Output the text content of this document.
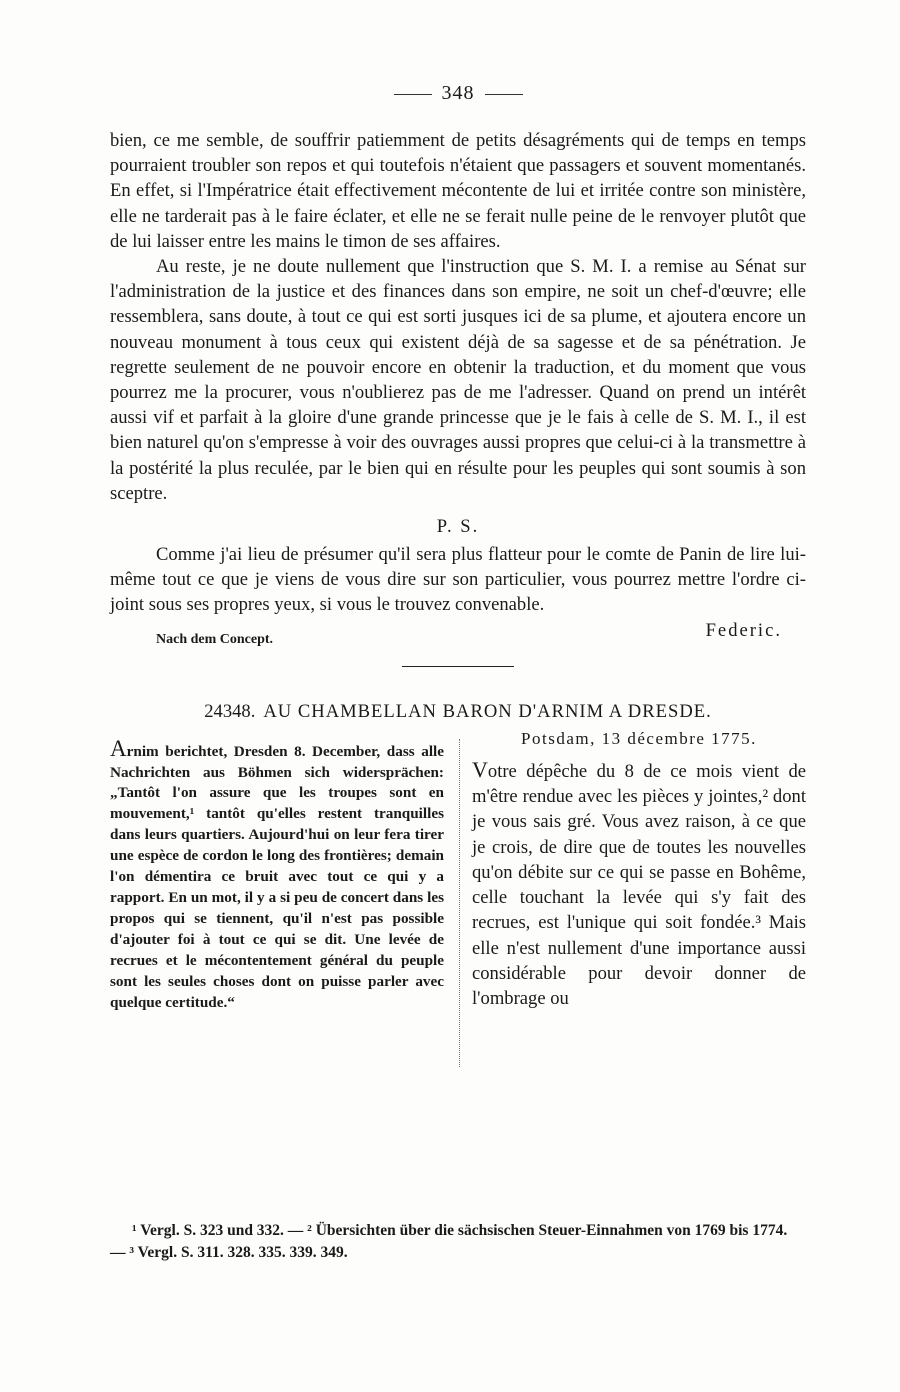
348

bien, ce me semble, de souffrir patiemment de petits désagréments qui de temps en temps pourraient troubler son repos et qui toutefois n'étaient que passagers et souvent momentanés. En effet, si l'Impératrice était effectivement mécontente de lui et irritée contre son ministère, elle ne tarderait pas à le faire éclater, et elle ne se ferait nulle peine de le renvoyer plutôt que de lui laisser entre les mains le timon de ses affaires.

Au reste, je ne doute nullement que l'instruction que S. M. I. a remise au Sénat sur l'administration de la justice et des finances dans son empire, ne soit un chef-d'œuvre; elle ressemblera, sans doute, à tout ce qui est sorti jusques ici de sa plume, et ajoutera encore un nouveau monument à tous ceux qui existent déjà de sa sagesse et de sa pénétration. Je regrette seulement de ne pouvoir encore en obtenir la traduction, et du moment que vous pourrez me la procurer, vous n'oublierez pas de me l'adresser. Quand on prend un intérêt aussi vif et parfait à la gloire d'une grande princesse que je le fais à celle de S. M. I., il est bien naturel qu'on s'empresse à voir des ouvrages aussi propres que celui-ci à la transmettre à la postérité la plus reculée, par le bien qui en résulte pour les peuples qui sont soumis à son sceptre.

P. S.

Comme j'ai lieu de présumer qu'il sera plus flatteur pour le comte de Panin de lire lui-même tout ce que je viens de vous dire sur son particulier, vous pourrez mettre l'ordre ci-joint sous ses propres yeux, si vous le trouvez convenable.

Nach dem Concept.	Federic.
24348. AU CHAMBELLAN BARON D'ARNIM A DRESDE.
Arnim berichtet, Dresden 8. December, dass alle Nachrichten aus Böhmen sich widersprächen: „Tantôt l'on assure que les troupes sont en mouvement,¹ tantôt qu'elles restent tranquilles dans leurs quartiers. Aujourd'hui on leur fera tirer une espèce de cordon le long des frontières; demain l'on démentira ce bruit avec tout ce qui y a rapport. En un mot, il y a si peu de concert dans les propos qui se tiennent, qu'il n'est pas possible d'ajouter foi à tout ce qui se dit. Une levée de recrues et le mécontentement général du peuple sont les seules choses dont on puisse parler avec quelque certitude.“
Potsdam, 13 décembre 1775.
Votre dépêche du 8 de ce mois vient de m'être rendue avec les pièces y jointes,² dont je vous sais gré. Vous avez raison, à ce que je crois, de dire que de toutes les nouvelles qu'on débite sur ce qui se passe en Bohême, celle touchant la levée qui s'y fait des recrues, est l'unique qui soit fondée.³ Mais elle n'est nullement d'une importance aussi considérable pour devoir donner de l'ombrage ou

¹ Vergl. S. 323 und 332. — ² Übersichten über die sächsischen Steuer-Einnahmen von 1769 bis 1774. — ³ Vergl. S. 311. 328. 335. 339. 349.
